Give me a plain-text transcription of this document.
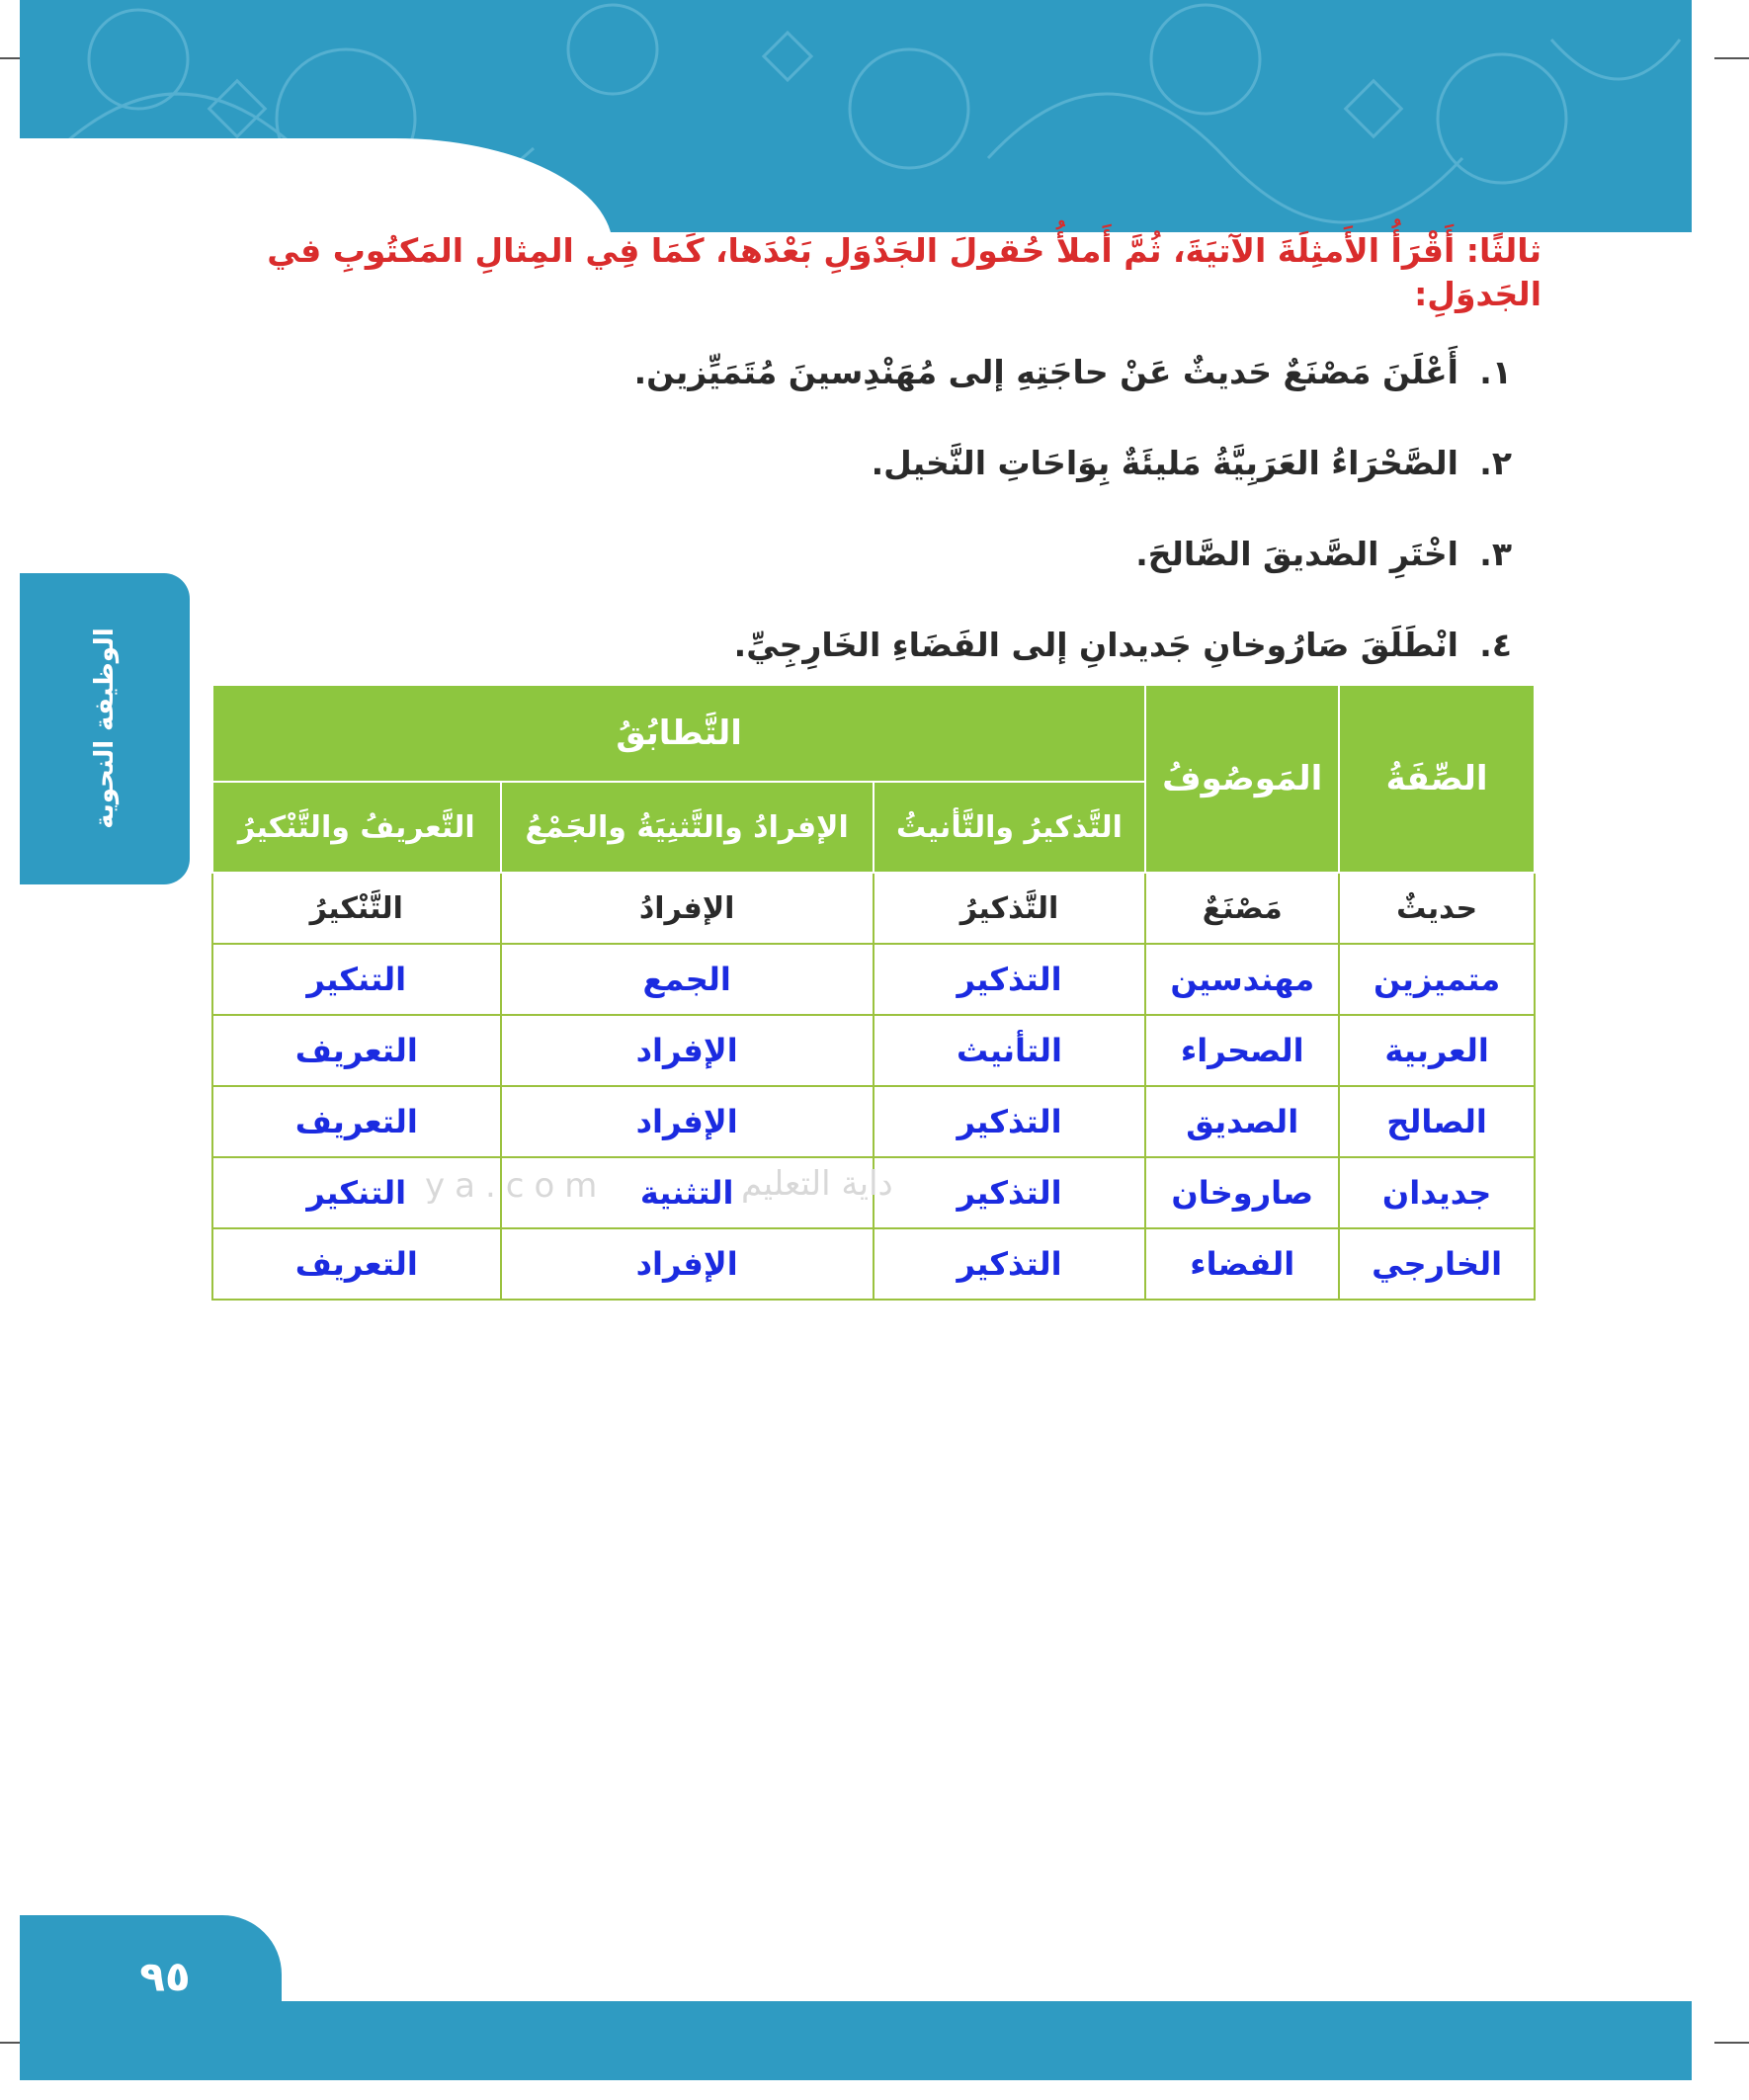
الوظيفة النحوية
ثالثًا: أَقْرَأُ الأَمثِلَةَ الآتيَةَ، ثُمَّ أَملأُ حُقولَ الجَدْوَلِ بَعْدَها، كَمَا فِي المِثالِ المَكتُوبِ في الجَدوَلِ:
١.
أَعْلَنَ مَصْنَعٌ حَديثٌ عَنْ حاجَتِهِ إلى مُهَنْدِسينَ مُتَمَيِّزين.
٢.
الصَّحْرَاءُ العَرَبِيَّةُ مَليئَةٌ بِوَاحَاتِ النَّخيل.
٣.
اخْتَرِ الصَّديقَ الصَّالحَ.
٤.
انْطَلَقَ صَارُوخانِ جَديدانِ إلى الفَضَاءِ الخَارِجِيِّ.
الصِّفَةُ	المَوصُوفُ	التَّطابُقُ		
		التَّذكيرُ والتَّأنيثُ	الإفرادُ والتَّثنِيَةُ والجَمْعُ	التَّعريفُ والتَّنْكيرُ
حديثٌ	مَصْنَعٌ	التَّذكيرُ	الإفرادُ	التَّنْكيرُ
متميزين	مهندسين	التذكير	الجمع	التنكير
العربية	الصحراء	التأنيث	الإفراد	التعريف
الصالح	الصديق	التذكير	الإفراد	التعريف
جديدان	صاروخان	التذكير	التثنية	التنكير
الخارجي	الفضاء	التذكير	الإفراد	التعريف
ya.com	داية التعليم
٩٥
